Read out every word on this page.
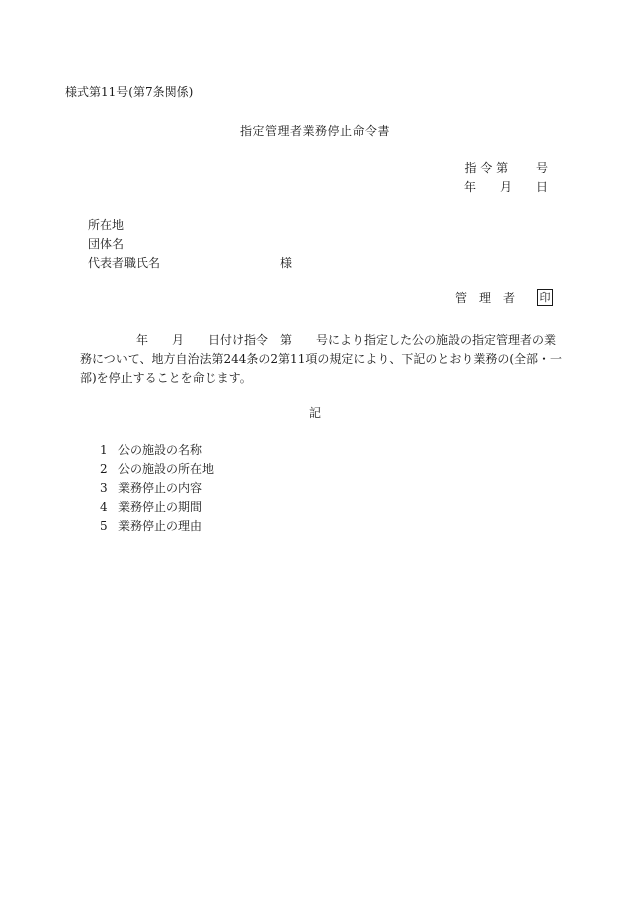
様式第11号(第7条関係)
指定管理者業務停止命令書
指 令 第　　 号
年　　月　　日
所在地
団体名
代表者職氏名	様
管　理　者 印
年　　月　　日付け指令　第　　号により指定した公の施設の指定管理者の業
務について、地方自治法第244条の2第11項の規定により、下記のとおり業務の(全部・一
部)を停止することを命じます。
記
1 公の施設の名称
2 公の施設の所在地
3 業務停止の内容
4 業務停止の期間
5 業務停止の理由
